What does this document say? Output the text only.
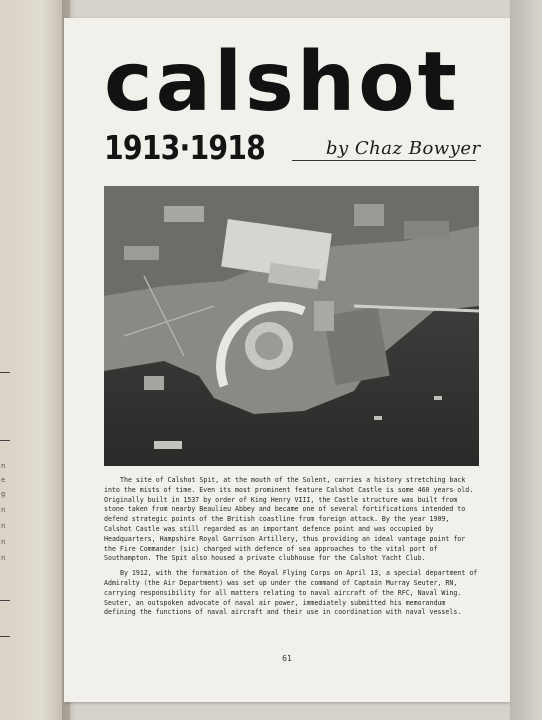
n
e
g
n
n
n
n
calshot
1913·1918	by Chaz Bowyer

The site of Calshot Spit, at the mouth of the Solent, carries a history stretching back into the mists of time. Even its most prominent feature Calshot Castle is some 460 years old. Originally built in 1537 by order of King Henry VIII, the Castle structure was built from stone taken from nearby Beaulieu Abbey and became one of several fortifications intended to defend strategic points of the British coastline from foreign attack. By the year 1909, Calshot Castle was still regarded as an important defence point and was occupied by Headquarters, Hampshire Royal Garrison Artillery, thus providing an ideal vantage point for the Fire Commander (sic) charged with defence of sea approaches to the vital port of Southampton. The Spit also housed a private clubhouse for the Calshot Yacht Club.

By 1912, with the formation of the Royal Flying Corps on April 13, a special department of Admiralty (the Air Department) was set up under the command of Captain Murray Seuter, RN, carrying responsibility for all matters relating to naval aircraft of the RFC, Naval Wing. Seuter, an outspoken advocate of naval air power, immediately submitted his memorandum defining the functions of naval aircraft and their use in coordination with naval vessels.

61
